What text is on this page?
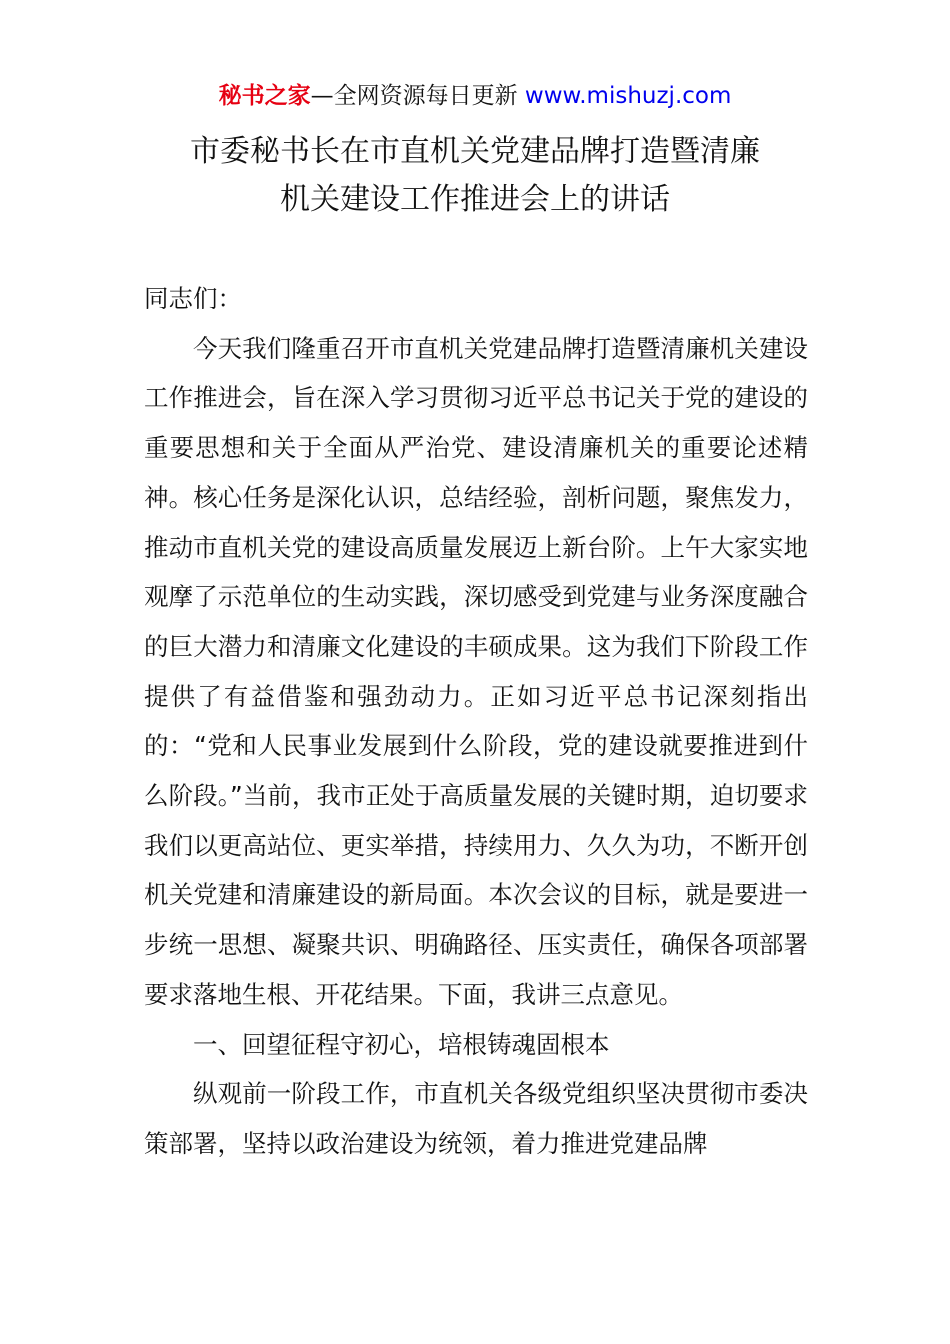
秘书之家—全网资源每日更新 www.mishuzj.com
市委秘书长在市直机关党建品牌打造暨清廉
机关建设工作推进会上的讲话

同志们：

今天我们隆重召开市直机关党建品牌打造暨清廉机关建设工作推进会，旨在深入学习贯彻习近平总书记关于党的建设的重要思想和关于全面从严治党、建设清廉机关的重要论述精神。核心任务是深化认识，总结经验，剖析问题，聚焦发力，推动市直机关党的建设高质量发展迈上新台阶。上午大家实地观摩了示范单位的生动实践，深切感受到党建与业务深度融合的巨大潜力和清廉文化建设的丰硕成果。这为我们下阶段工作提供了有益借鉴和强劲动力。正如习近平总书记深刻指出的：“党和人民事业发展到什么阶段，党的建设就要推进到什么阶段。”当前，我市正处于高质量发展的关键时期，迫切要求我们以更高站位、更实举措，持续用力、久久为功，不断开创机关党建和清廉建设的新局面。本次会议的目标，就是要进一步统一思想、凝聚共识、明确路径、压实责任，确保各项部署要求落地生根、开花结果。下面，我讲三点意见。

一、回望征程守初心，培根铸魂固根本

纵观前一阶段工作，市直机关各级党组织坚决贯彻市委决策部署，坚持以政治建设为统领，着力推进党建品牌
